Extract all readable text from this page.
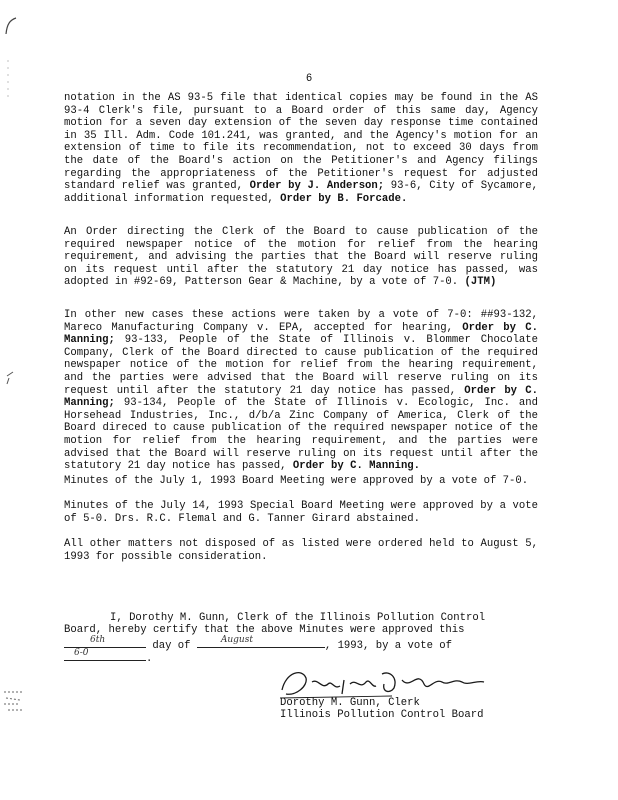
6

notation in the AS 93-5 file that identical copies may be found in the AS 93-4 Clerk's file, pursuant to a Board order of this same day, Agency motion for a seven day extension of the seven day response time contained in 35 Ill. Adm. Code 101.241, was granted, and the Agency's motion for an extension of time to file its recommendation, not to exceed 30 days from the date of the Board's action on the Petitioner's and Agency filings regarding the appropriateness of the Petitioner's request for adjusted standard relief was granted, Order by J. Anderson; 93-6, City of Sycamore, additional information requested, Order by B. Forcade.

An Order directing the Clerk of the Board to cause publication of the required newspaper notice of the motion for relief from the hearing requirement, and advising the parties that the Board will reserve ruling on its request until after the statutory 21 day notice has passed, was adopted in #92-69, Patterson Gear & Machine, by a vote of 7-0. (JTM)

In other new cases these actions were taken by a vote of 7-0: ##93-132, Mareco Manufacturing Company v. EPA, accepted for hearing, Order by C. Manning; 93-133, People of the State of Illinois v. Blommer Chocolate Company, Clerk of the Board directed to cause publication of the required newspaper notice of the motion for relief from the hearing requirement, and the parties were advised that the Board will reserve ruling on its request until after the statutory 21 day notice has passed, Order by C. Manning; 93-134, People of the State of Illinois v. Ecologic, Inc. and Horsehead Industries, Inc., d/b/a Zinc Company of America, Clerk of the Board direced to cause publication of the required newspaper notice of the motion for relief from the hearing requirement, and the parties were advised that the Board will reserve ruling on its request until after the statutory 21 day notice has passed, Order by C. Manning.

Minutes of the July 1, 1993 Board Meeting were approved by a vote of 7-0.

Minutes of the July 14, 1993 Special Board Meeting were approved by a vote of 5-0. Drs. R.C. Flemal and G. Tanner Girard abstained.

All other matters not disposed of as listed were ordered held to August 5, 1993 for possible consideration.

I, Dorothy M. Gunn, Clerk of the Illinois Pollution Control
Board, hereby certify that the above Minutes were approved this
6th	day of	August	, 1993, by a vote of
6-0	.
Dorothy M. Gunn, Clerk
Illinois Pollution Control Board
